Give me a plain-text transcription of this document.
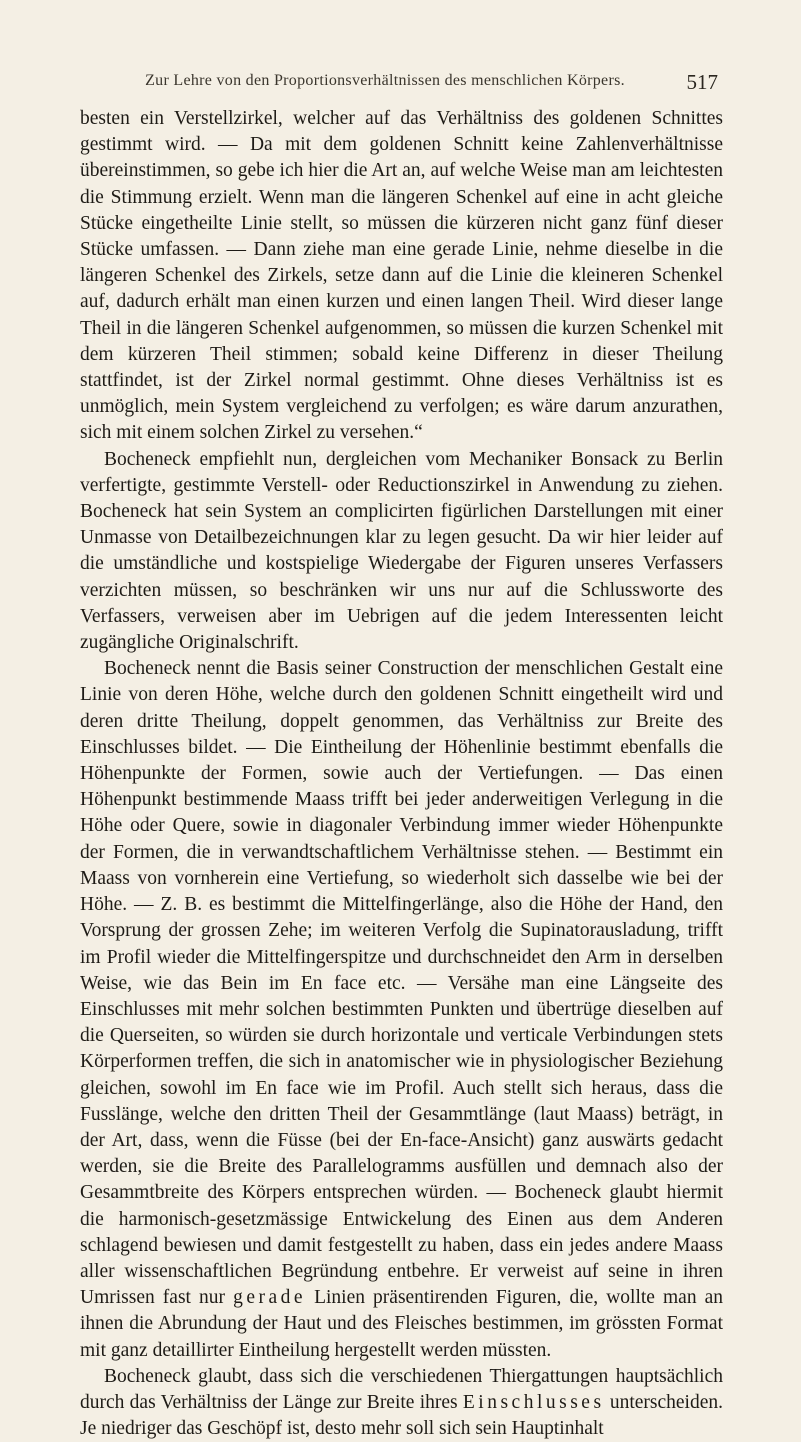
Zur Lehre von den Proportionsverhältnissen des menschlichen Körpers.	517

besten ein Verstellzirkel, welcher auf das Verhältniss des goldenen Schnittes gestimmt wird. — Da mit dem goldenen Schnitt keine Zahlenverhältnisse übereinstimmen, so gebe ich hier die Art an, auf welche Weise man am leichtesten die Stimmung erzielt. Wenn man die längeren Schenkel auf eine in acht gleiche Stücke eingetheilte Linie stellt, so müssen die kürzeren nicht ganz fünf dieser Stücke umfassen. — Dann ziehe man eine gerade Linie, nehme dieselbe in die längeren Schenkel des Zirkels, setze dann auf die Linie die kleineren Schenkel auf, dadurch erhält man einen kurzen und einen langen Theil. Wird dieser lange Theil in die längeren Schenkel aufgenommen, so müssen die kurzen Schenkel mit dem kürzeren Theil stimmen; sobald keine Differenz in dieser Theilung stattfindet, ist der Zirkel normal gestimmt. Ohne dieses Verhältniss ist es unmöglich, mein System vergleichend zu verfolgen; es wäre darum anzurathen, sich mit einem solchen Zirkel zu versehen.“

Bocheneck empfiehlt nun, dergleichen vom Mechaniker Bonsack zu Berlin verfertigte, gestimmte Verstell- oder Reductionszirkel in Anwendung zu ziehen. Bocheneck hat sein System an complicirten figürlichen Darstellungen mit einer Unmasse von Detailbezeichnungen klar zu legen gesucht. Da wir hier leider auf die umständliche und kostspielige Wiedergabe der Figuren unseres Verfassers verzichten müssen, so beschränken wir uns nur auf die Schlussworte des Verfassers, verweisen aber im Uebrigen auf die jedem Interessenten leicht zugängliche Originalschrift.

Bocheneck nennt die Basis seiner Construction der menschlichen Gestalt eine Linie von deren Höhe, welche durch den goldenen Schnitt eingetheilt wird und deren dritte Theilung, doppelt genommen, das Verhältniss zur Breite des Einschlusses bildet. — Die Eintheilung der Höhenlinie bestimmt ebenfalls die Höhenpunkte der Formen, sowie auch der Vertiefungen. — Das einen Höhenpunkt bestimmende Maass trifft bei jeder anderweitigen Verlegung in die Höhe oder Quere, sowie in diagonaler Verbindung immer wieder Höhenpunkte der Formen, die in verwandtschaftlichem Verhältnisse stehen. — Bestimmt ein Maass von vornherein eine Vertiefung, so wiederholt sich dasselbe wie bei der Höhe. — Z. B. es bestimmt die Mittelfingerlänge, also die Höhe der Hand, den Vorsprung der grossen Zehe; im weiteren Verfolg die Supinatorausladung, trifft im Profil wieder die Mittelfingerspitze und durchschneidet den Arm in derselben Weise, wie das Bein im En face etc. — Versähe man eine Längseite des Einschlusses mit mehr solchen bestimmten Punkten und übertrüge dieselben auf die Querseiten, so würden sie durch horizontale und verticale Verbindungen stets Körperformen treffen, die sich in anatomischer wie in physiologischer Beziehung gleichen, sowohl im En face wie im Profil. Auch stellt sich heraus, dass die Fusslänge, welche den dritten Theil der Gesammtlänge (laut Maass) beträgt, in der Art, dass, wenn die Füsse (bei der En-face-Ansicht) ganz auswärts gedacht werden, sie die Breite des Parallelogramms ausfüllen und demnach also der Gesammtbreite des Körpers entsprechen würden. — Bocheneck glaubt hiermit die harmonisch-gesetzmässige Entwickelung des Einen aus dem Anderen schlagend bewiesen und damit festgestellt zu haben, dass ein jedes andere Maass aller wissenschaftlichen Begründung entbehre. Er verweist auf seine in ihren Umrissen fast nur gerade Linien präsentirenden Figuren, die, wollte man an ihnen die Abrundung der Haut und des Fleisches bestimmen, im grössten Format mit ganz detaillirter Eintheilung hergestellt werden müssten.

Bocheneck glaubt, dass sich die verschiedenen Thiergattungen hauptsächlich durch das Verhältniss der Länge zur Breite ihres Einschlusses unterscheiden. Je niedriger das Geschöpf ist, desto mehr soll sich sein Hauptinhalt
